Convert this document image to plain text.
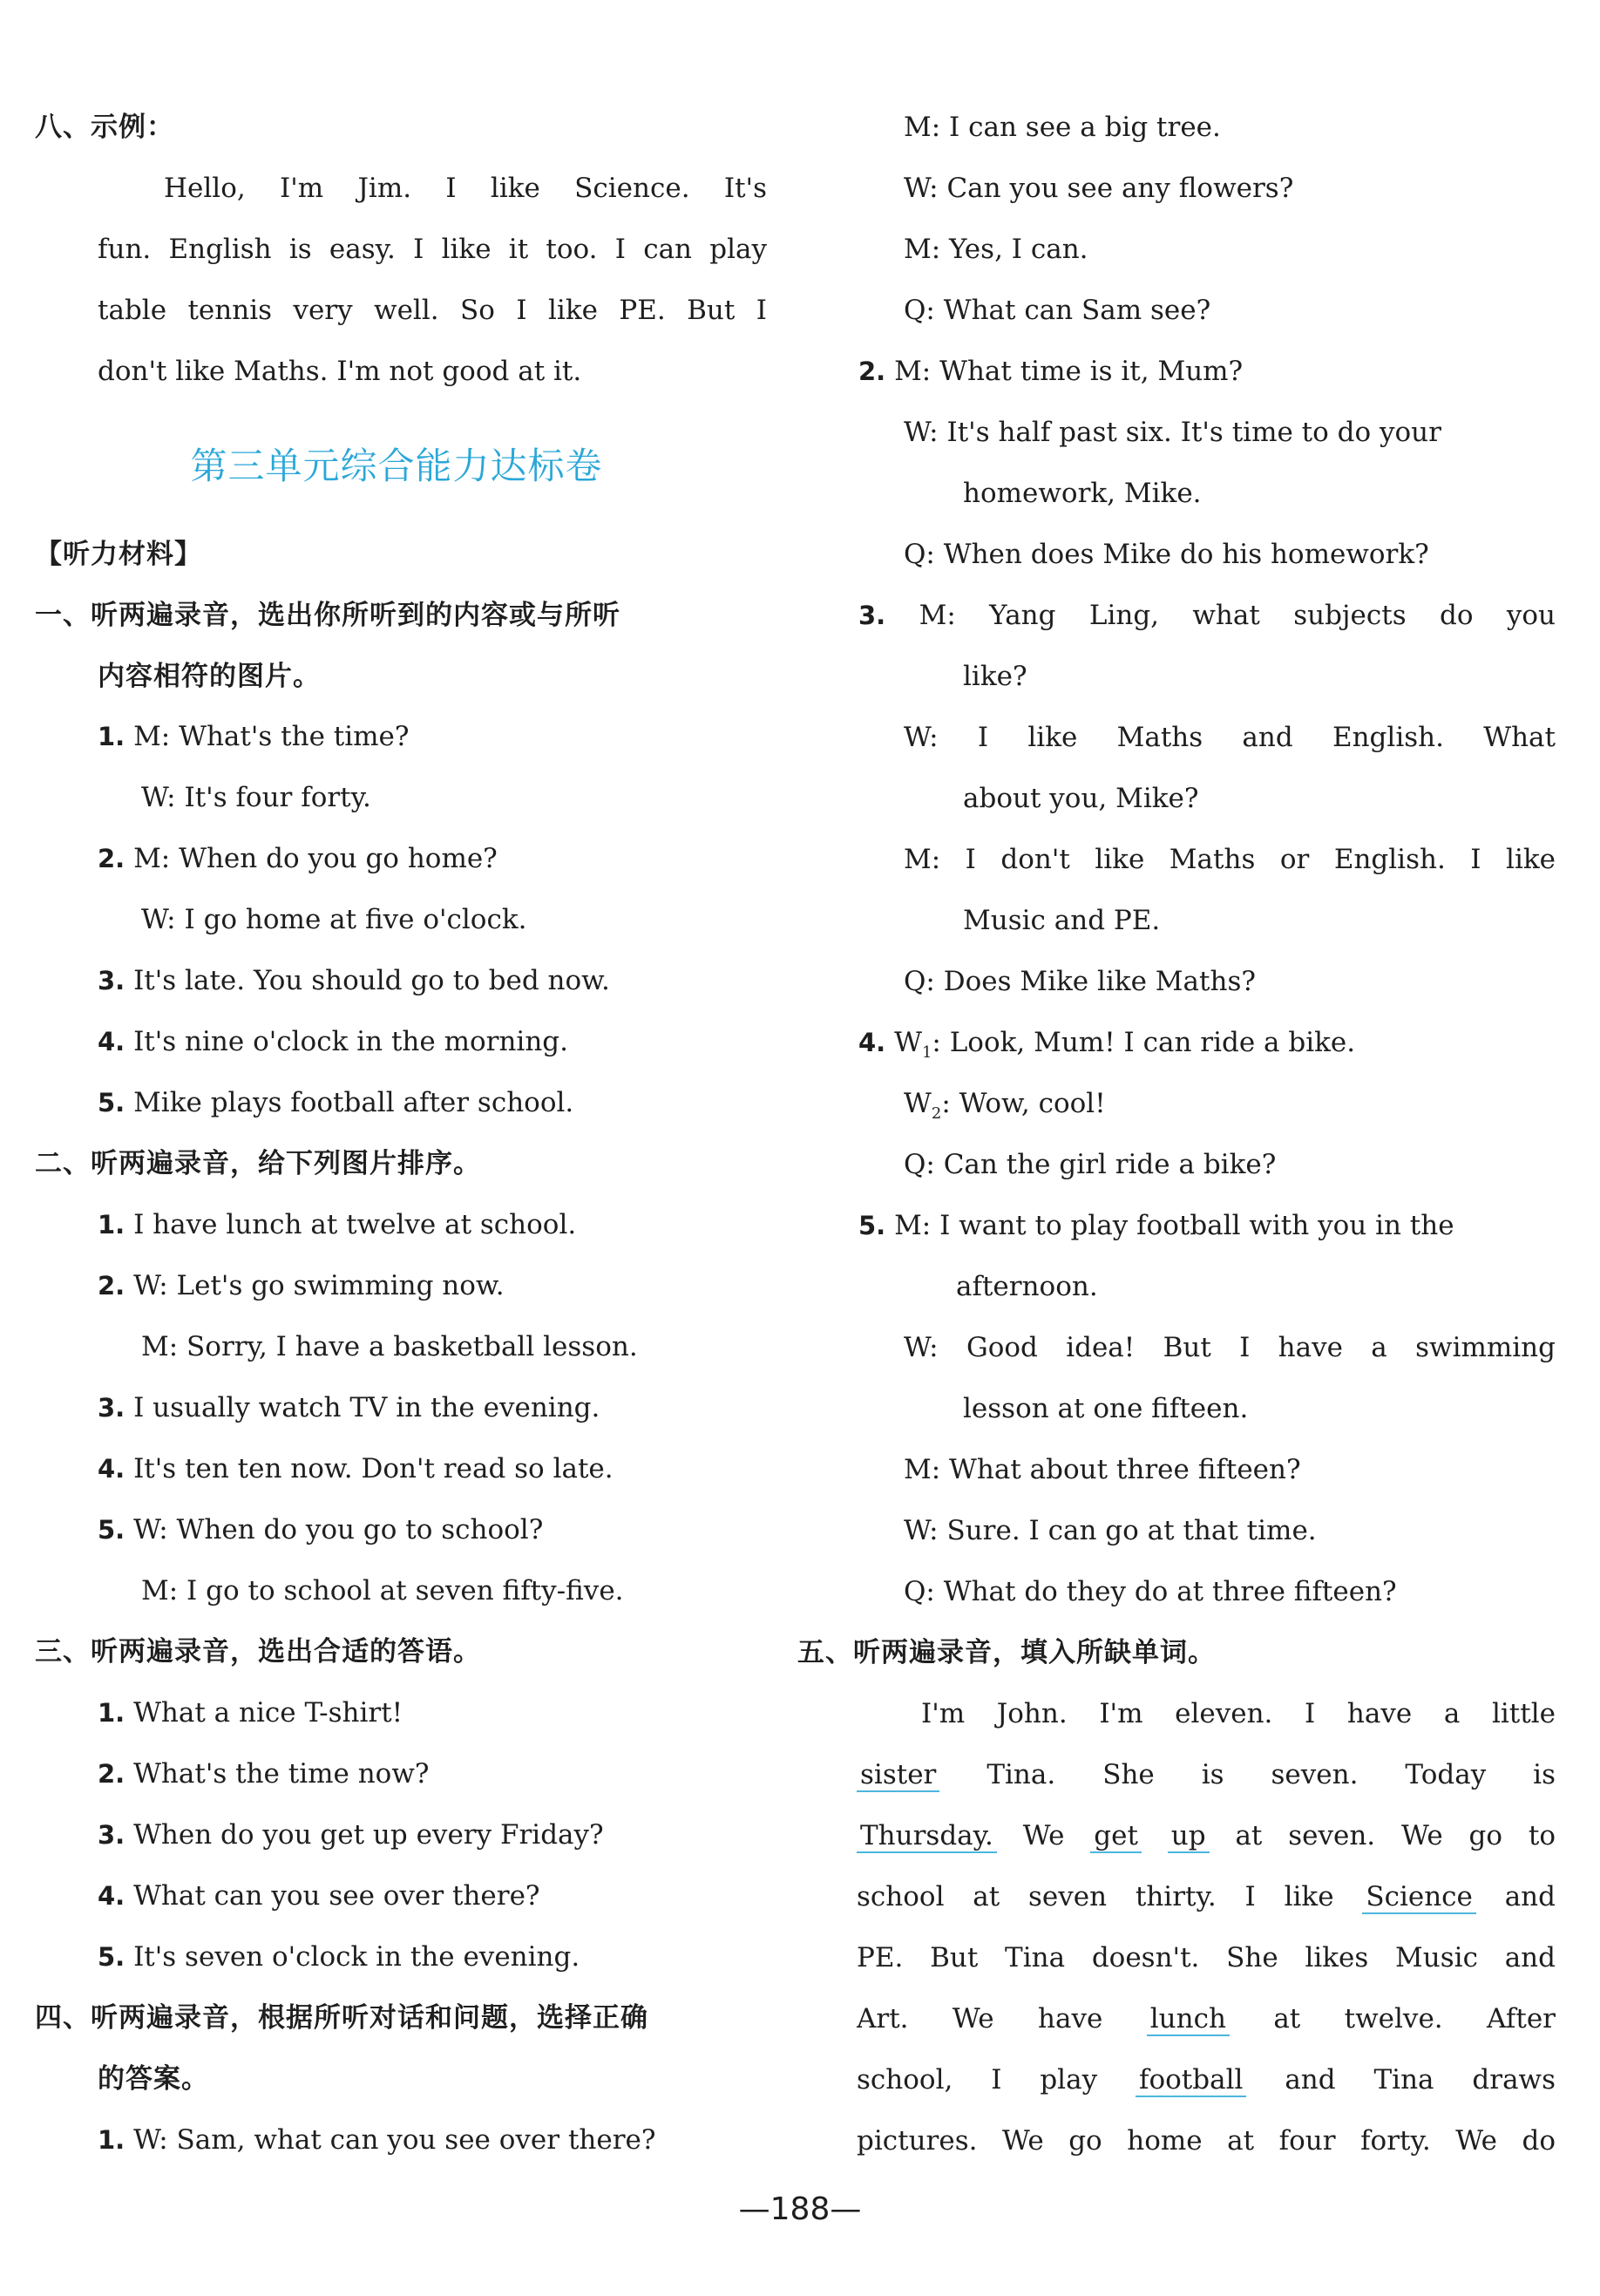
八、示例：
Hello, I'm Jim. I like Science. It's
fun. English is easy. I like it too. I can play
table tennis very well. So I like PE. But I
don't like Maths. I'm not good at it.
第三单元综合能力达标卷
【听力材料】
一、听两遍录音，选出你所听到的内容或与所听
内容相符的图片。
1. M: What's the time?
W: It's four forty.
2. M: When do you go home?
W: I go home at five o'clock.
3. It's late. You should go to bed now.
4. It's nine o'clock in the morning.
5. Mike plays football after school.
二、听两遍录音，给下列图片排序。
1. I have lunch at twelve at school.
2. W: Let's go swimming now.
M: Sorry, I have a basketball lesson.
3. I usually watch TV in the evening.
4. It's ten ten now. Don't read so late.
5. W: When do you go to school?
M: I go to school at seven fifty-five.
三、听两遍录音，选出合适的答语。
1. What a nice T-shirt!
2. What's the time now?
3. When do you get up every Friday?
4. What can you see over there?
5. It's seven o'clock in the evening.
四、听两遍录音，根据所听对话和问题，选择正确
的答案。
1. W: Sam, what can you see over there?
M: I can see a big tree.
W: Can you see any flowers?
M: Yes, I can.
Q: What can Sam see?
2. M: What time is it, Mum?
W: It's half past six. It's time to do your
homework, Mike.
Q: When does Mike do his homework?
3. M: Yang Ling, what subjects do you
like?
W: I like Maths and English. What
about you, Mike?
M: I don't like Maths or English. I like
Music and PE.
Q: Does Mike like Maths?
4. $W_1$: Look, Mum! I can ride a bike.
$W_2$: Wow, cool!
Q: Can the girl ride a bike?
5. M: I want to play football with you in the
afternoon.
W: Good idea! But I have a swimming
lesson at one fifteen.
M: What about three fifteen?
W: Sure. I can go at that time.
Q: What do they do at three fifteen?
五、听两遍录音，填入所缺单词。
I'm John. I'm eleven. I have a little
sister Tina. She is seven. Today is
Thursday. We get up at seven. We go to
school at seven thirty. I like Science and
PE. But Tina doesn't. She likes Music and
Art. We have lunch at twelve. After
school, I play football and Tina draws
pictures. We go home at four forty. We do
—188—
